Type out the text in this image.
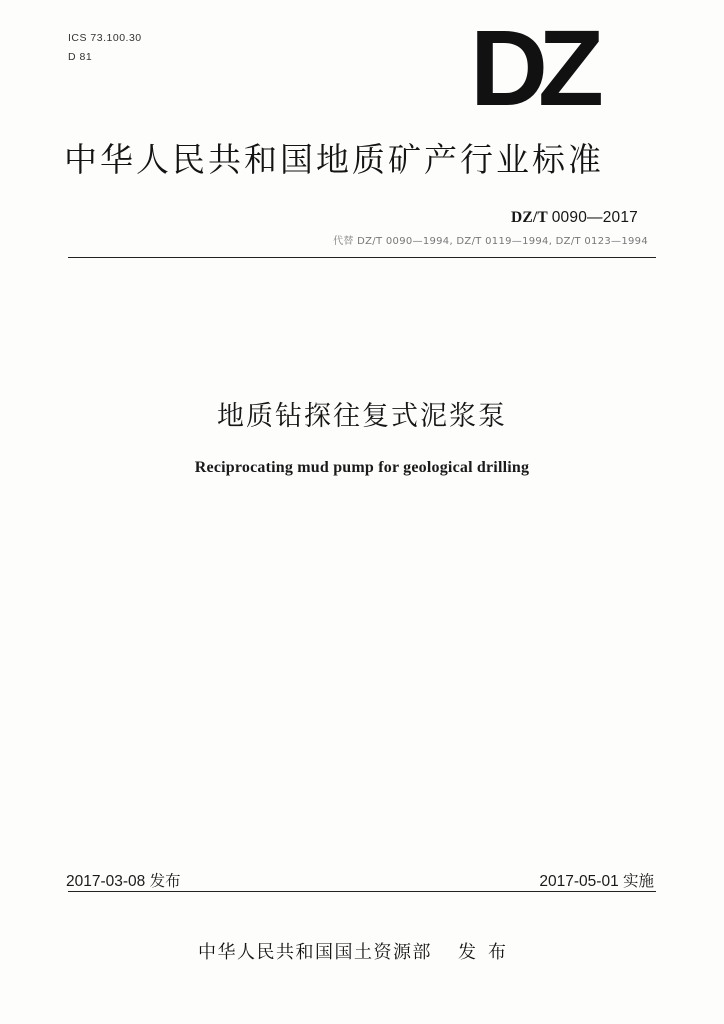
ICS 73.100.30
D 81	DZ
中华人民共和国地质矿产行业标准
DZ/T 0090—2017
代替 DZ/T 0090—1994, DZ/T 0119—1994, DZ/T 0123—1994
地质钻探往复式泥浆泵
Reciprocating mud pump for geological drilling
2017-03-08 发布	2017-05-01 实施
中华人民共和国国土资源部 发布
